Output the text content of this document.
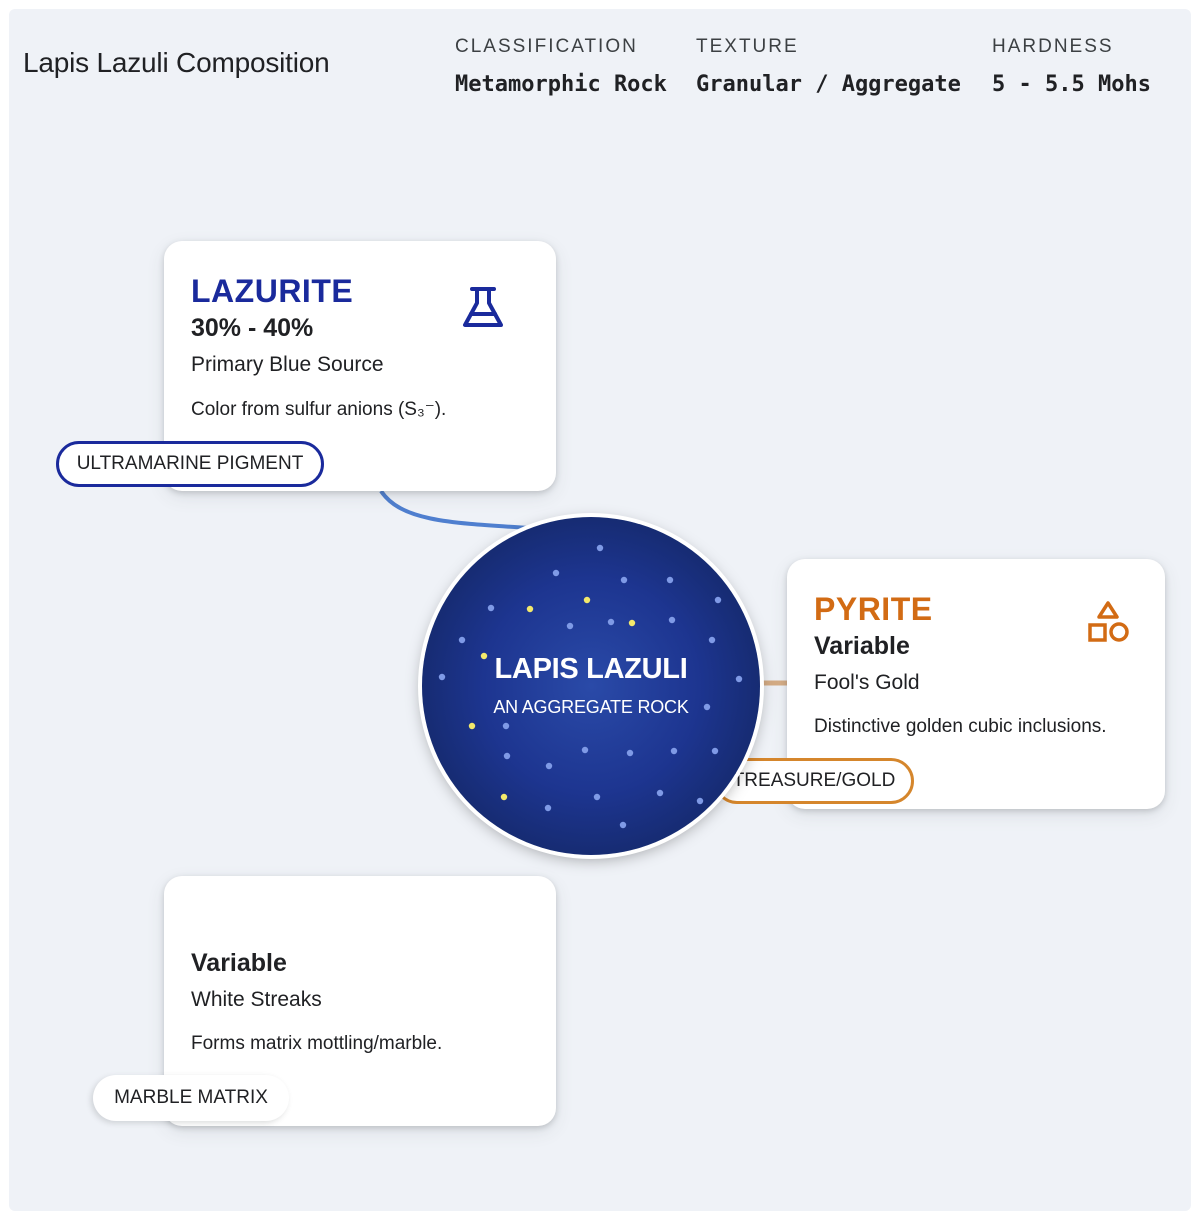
Lapis Lazuli Composition
CLASSIFICATION
Metamorphic Rock
TEXTURE
Granular / Aggregate
HARDNESS
5 - 5.5 Mohs
LAZURITE
30% - 40%
Primary Blue Source
Color from sulfur anions (S₃⁻).
ULTRAMARINE PIGMENT
PYRITE
Variable
Fool's Gold
Distinctive golden cubic inclusions.
TREASURE/GOLD
Variable
White Streaks
Forms matrix mottling/marble.
MARBLE MATRIX
LAPIS LAZULI
AN AGGREGATE ROCK
